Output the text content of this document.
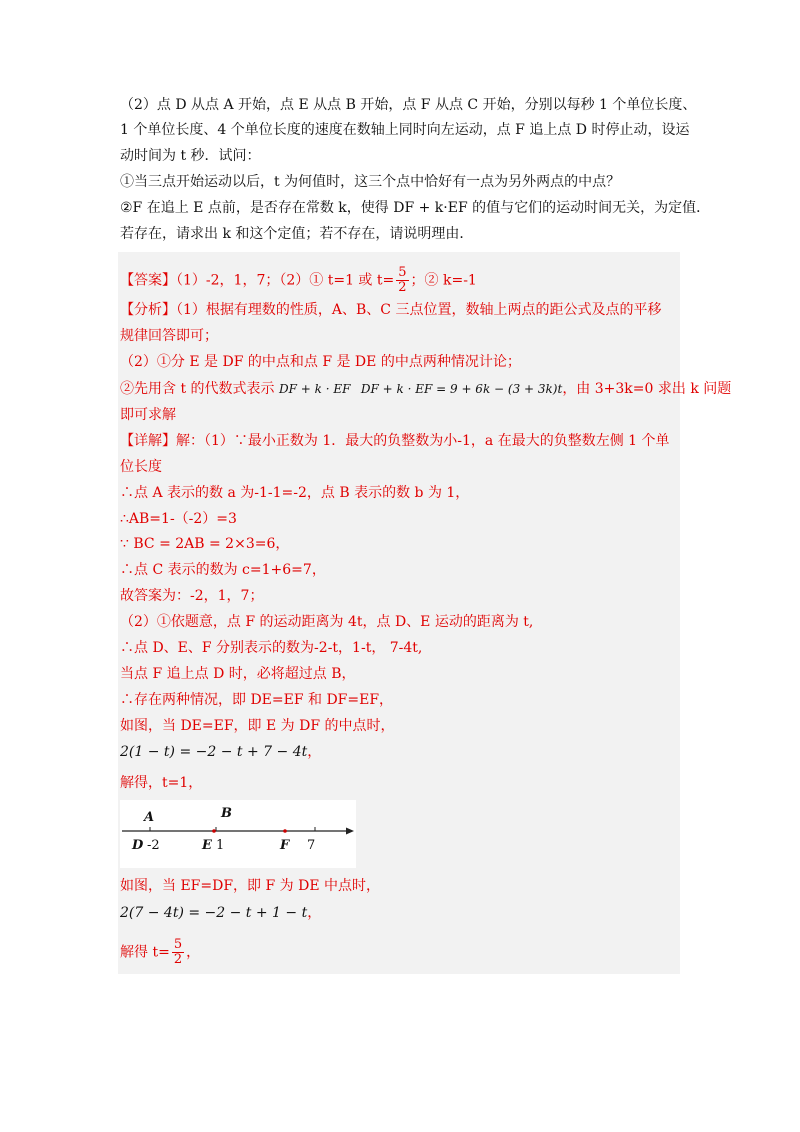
（2）点 D 从点 A 开始，点 E 从点 B 开始，点 F 从点 C 开始，分别以每秒 1 个单位长度、
1 个单位长度、4 个单位长度的速度在数轴上同时向左运动，点 F 追上点 D 时停止动，设运
动时间为 t 秒．试问：
①当三点开始运动以后，t 为何值时，这三个点中恰好有一点为另外两点的中点？
②F 在追上 E 点前，是否存在常数 k，使得 DF + k·EF 的值与它们的运动时间无关，为定值．
若存在，请求出 k 和这个定值；若不存在，请说明理由．
【答案】（1）-2，1，7；（2）① t=1 或 $t= \frac{5}{2}$ ；② k=-1
【分析】（1）根据有理数的性质，A、B、C 三点位置，数轴上两点的距公式及点的平移
规律回答即可；
（2）①分 E 是 DF 的中点和点 F 是 DE 的中点两种情况计论；
②先用含 t 的代数式表示 DF + k · EF DF + k · EF = 9 + 6k − (3 + 3k)t，由 3+3k=0 求出 k 问题
即可求解
【详解】解：（1）∵最小正数为 1．最大的负整数为小-1，a 在最大的负整数左侧 1 个单
位长度
∴点 A 表示的数 a 为-1-1=-2，点 B 表示的数 b 为 1，
∴AB=1-（-2）=3
∵ BC = 2AB = 2×3=6，
∴点 C 表示的数为 c=1+6=7，
故答案为：-2，1，7；
（2）①依题意，点 F 的运动距离为 4t，点 D、E 运动的距离为 t,
∴点 D、E、F 分别表示的数为-2-t，1-t， 7-4t,
当点 F 追上点 D 时，必将超过点 B，
∴存在两种情况，即 DE=EF 和 DF=EF，
如图，当 DE=EF，即 E 为 DF 的中点时，
2(1 − t) = −2 − t + 7 − 4t，
解得，t=1，
A	B
D -2	E 1	F 7
如图，当 EF=DF，即 F 为 DE 中点时，
2(7 − 4t) = −2 − t + 1 − t，
解得 $t= \frac{5}{2}$ ，
